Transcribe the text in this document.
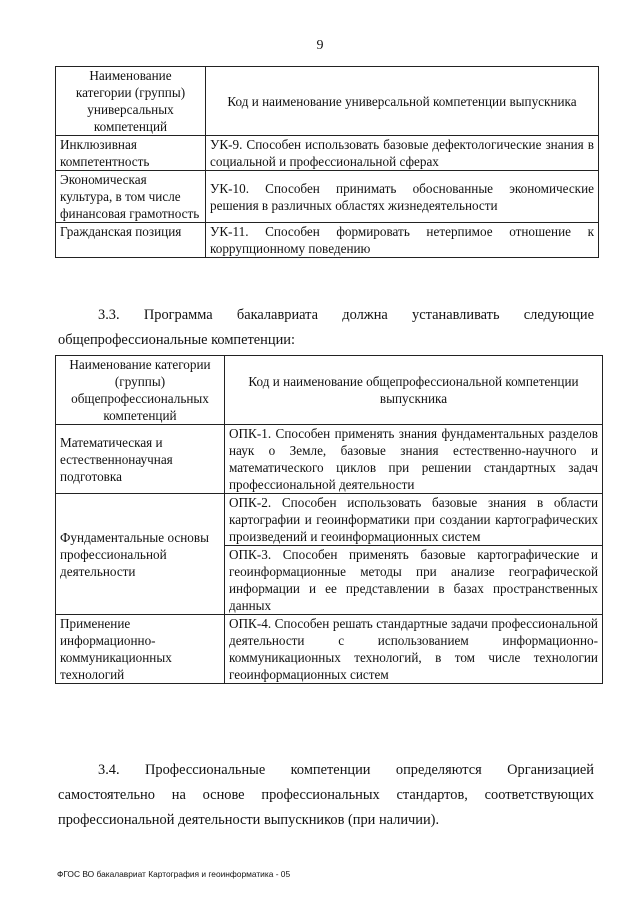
9
Наименование категории (группы) универсальных компетенций	Код и наименование универсальной компетенции выпускника
Инклюзивная компетентность	УК-9. Способен использовать базовые дефектологические знания в социальной и профессиональной сферах
Экономическая культура, в том числе финансовая грамотность	УК-10. Способен принимать обоснованные экономические решения в различных областях жизнедеятельности
Гражданская позиция	УК-11. Способен формировать нетерпимое отношение к коррупционному поведению
3.3. Программа бакалавриата должна устанавливать следующие общепрофессиональные компетенции:
Наименование категории (группы) общепрофессиональных компетенций	Код и наименование общепрофессиональной компетенции выпускника
Математическая и естественнонаучная подготовка	ОПК-1. Способен применять знания фундаментальных разделов наук о Земле, базовые знания естественно-научного и математического циклов при решении стандартных задач профессиональной деятельности
Фундаментальные основы профессиональной деятельности	ОПК-2. Способен использовать базовые знания в области картографии и геоинформатики при создании картографических произведений и геоинформационных систем
	ОПК-3. Способен применять базовые картографические и геоинформационные методы при анализе географической информации и ее представлении в базах пространственных данных
Применение информационно-коммуникационных технологий	ОПК-4. Способен решать стандартные задачи профессиональной деятельности с использованием информационно-коммуникационных технологий, в том числе технологии геоинформационных систем
3.4. Профессиональные компетенции определяются Организацией самостоятельно на основе профессиональных стандартов, соответствующих профессиональной деятельности выпускников (при наличии).
ФГОС ВО бакалавриат Картография и геоинформатика - 05
